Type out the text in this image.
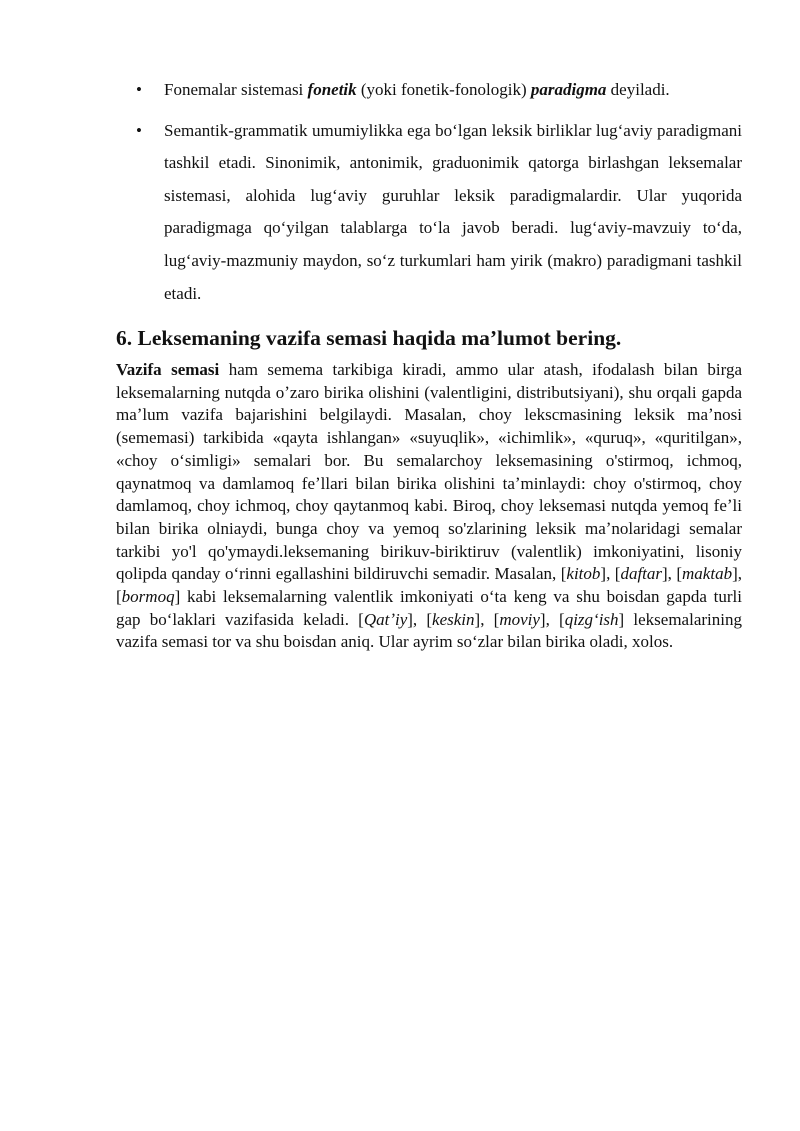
• Fonemalar sistemasi fonetik (yoki fonetik-fonologik) paradigma deyiladi.
• Semantik-grammatik umumiylikka ega boʻlgan leksik birliklar lugʻaviy paradigmani tashkil etadi. Sinonimik, antonimik, graduonimik qatorga birlashgan leksemalar sistemasi, alohida lugʻaviy guruhlar leksik paradigmalardir. Ular yuqorida paradigmaga qoʻyilgan talablarga toʻla javob beradi. lugʻaviy-mavzuiy toʻda, lugʻaviy-mazmuniy maydon, soʻz turkumlari ham yirik (makro) paradigmani tashkil etadi.
6. Leksemaning vazifa semasi haqida maʼlumot bering.

Vazifa semasi ham semema tarkibiga kiradi, ammo ular atash, ifodalash bilan birga leksemalarning nutqda oʼzaro birika olishini (valentligini, distributsiyani), shu orqali gapda maʼlum vazifa bajarishini belgilaydi. Masalan, choy lekscmasining leksik maʼnosi (sememasi) tarkibida «qayta ishlangan» «suyuqlik», «ichimlik», «quruq», «quritilgan», «choy oʻsimligi» semalari bor. Bu semalarchoy leksemasining o'stirmoq, ichmoq, qaynatmoq va damlamoq feʼllari bilan birika olishini taʼminlaydi: choy o'stirmoq, choy damlamoq, choy ichmoq, choy qaytanmoq kabi. Biroq, choy leksemasi nutqda yemoq feʼli bilan birika olniaydi, bunga choy va yemoq so'zlarining leksik maʼnolaridagi semalar tarkibi yo'l qo'ymaydi.leksemaning birikuv-biriktiruv (valentlik) imkoniyatini, lisoniy qolipda qanday oʻrinni egallashini bildiruvchi semadir. Masalan, [kitob], [daftar], [maktab], [bormoq] kabi leksemalarning valentlik imkoniyati oʻta keng va shu boisdan gapda turli gap boʻlaklari vazifasida keladi. [Qatʼiy], [keskin], [moviy], [qizgʻish] leksemalarining vazifa semasi tor va shu boisdan aniq. Ular ayrim soʻzlar bilan birika oladi, xolos.
